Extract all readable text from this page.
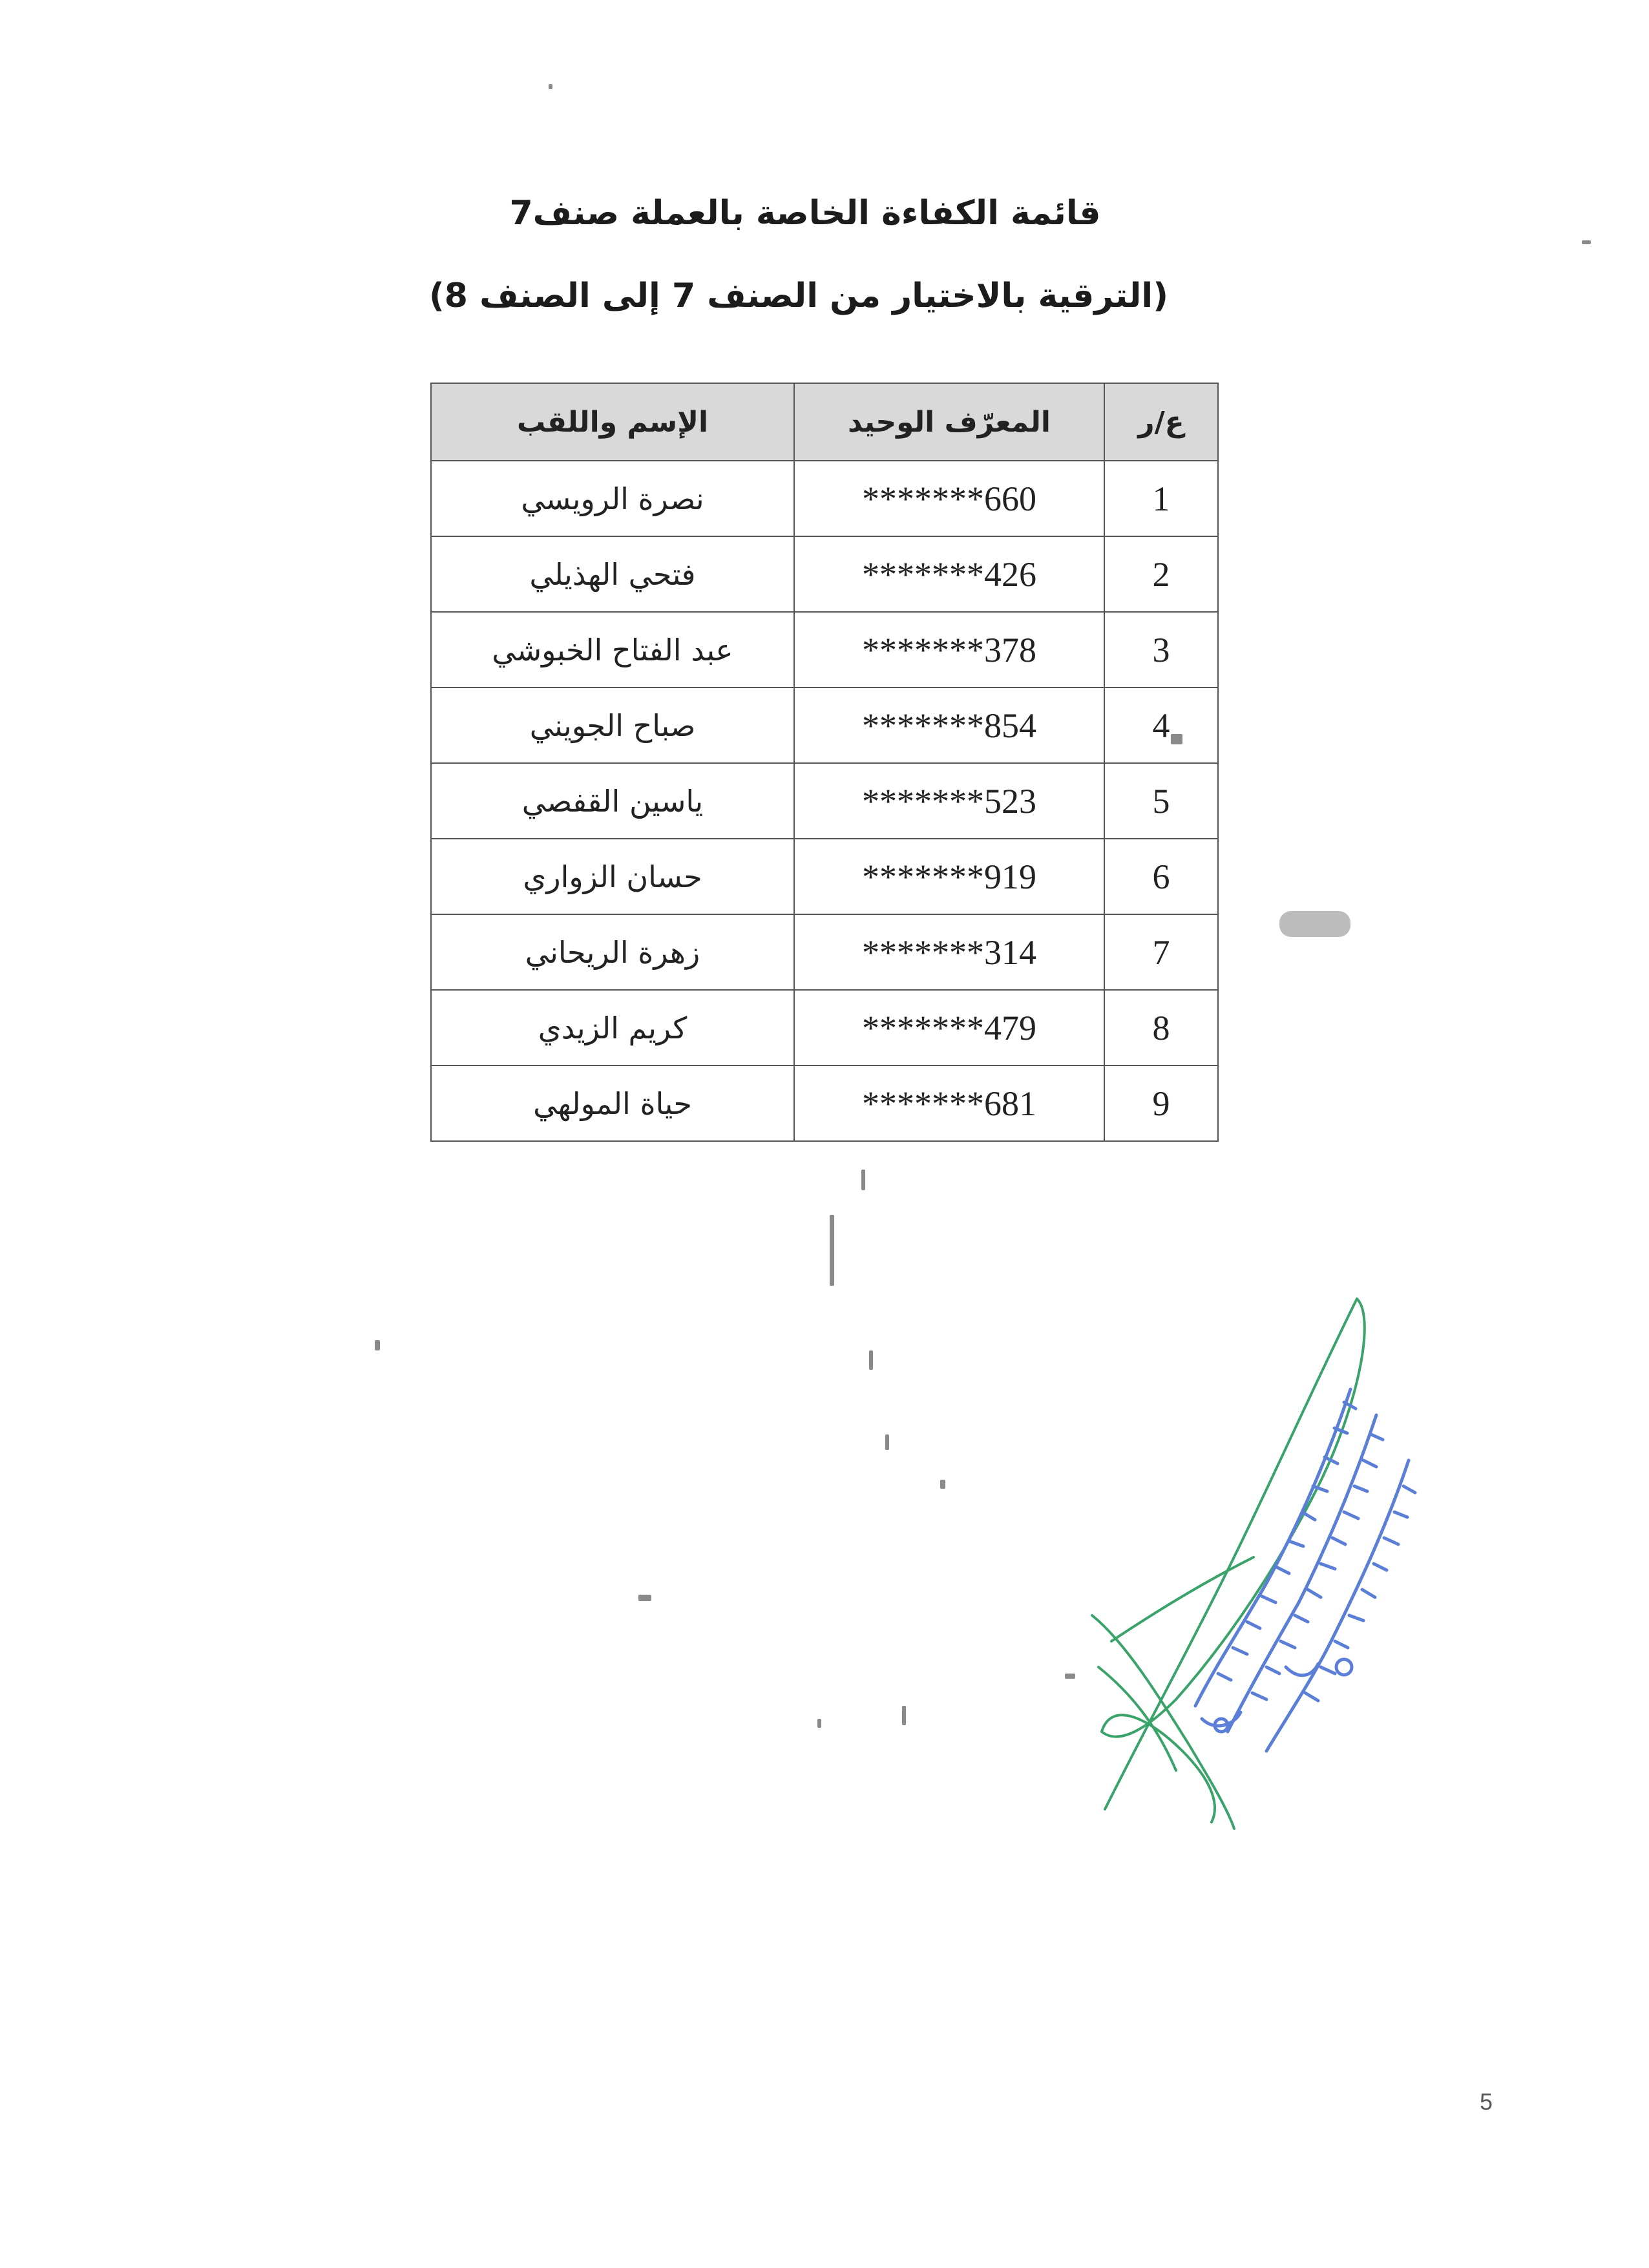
قائمة الكفاءة الخاصة بالعملة صنف7
(الترقية بالاختيار من الصنف 7 إلى الصنف 8)
ع/ر	المعرّف الوحيد	الإسم واللقب
1	*******660	نصرة الرويسي
2	*******426	فتحي الهذيلي
3	*******378	عبد الفتاح الخبوشي
4	*******854	صباح الجويني
5	*******523	ياسين القفصي
6	*******919	حسان الزواري
7	*******314	زهرة الريحاني
8	*******479	كريم الزيدي
9	*******681	حياة المولهي
5
